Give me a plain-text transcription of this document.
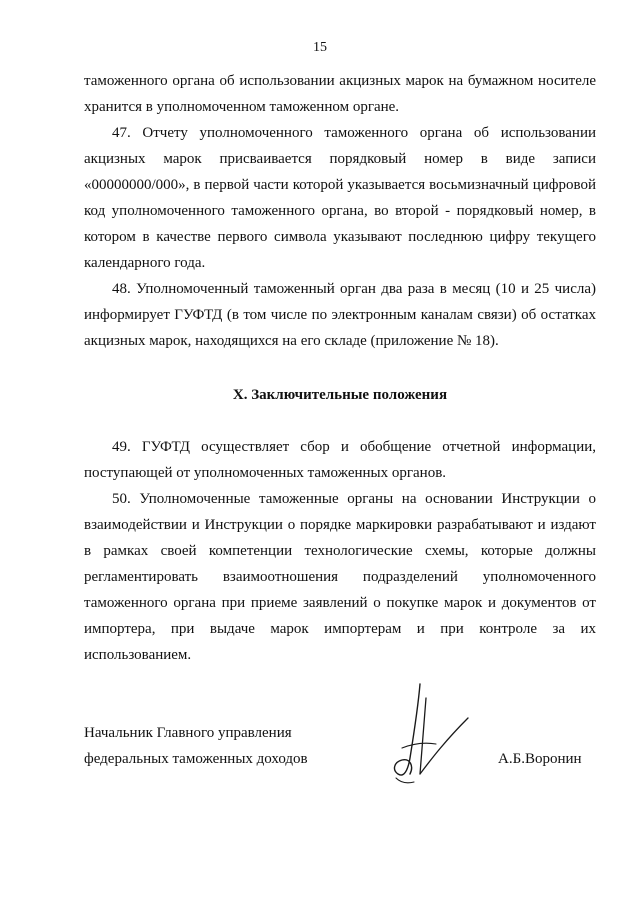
15

таможенного органа об использовании акцизных марок на бумажном носителе хранится в уполномоченном таможенном органе.

47. Отчету уполномоченного таможенного органа об использовании акцизных марок присваивается порядковый номер в виде записи «00000000/000», в первой части которой указывается восьмизначный цифровой код уполномоченного таможенного органа, во второй - порядковый номер, в котором в качестве первого символа указывают последнюю цифру текущего календарного года.

48. Уполномоченный таможенный орган два раза в месяц (10 и 25 числа) информирует ГУФТД (в том числе по электронным каналам связи) об остатках акцизных марок, находящихся на его складе (приложение № 18).

X. Заключительные положения

49. ГУФТД осуществляет сбор и обобщение отчетной информации, поступающей от уполномоченных таможенных органов.

50. Уполномоченные таможенные органы на основании Инструкции о взаимодействии и Инструкции о порядке маркировки разрабатывают и издают в рамках своей компетенции технологические схемы, которые должны регламентировать взаимоотношения подразделений уполномоченного таможенного органа при приеме заявлений о покупке марок и документов от импортера, при выдаче марок импортерам и при контроле за их использованием.

Начальник Главного управления
федеральных таможенных доходов	А.Б.Воронин
